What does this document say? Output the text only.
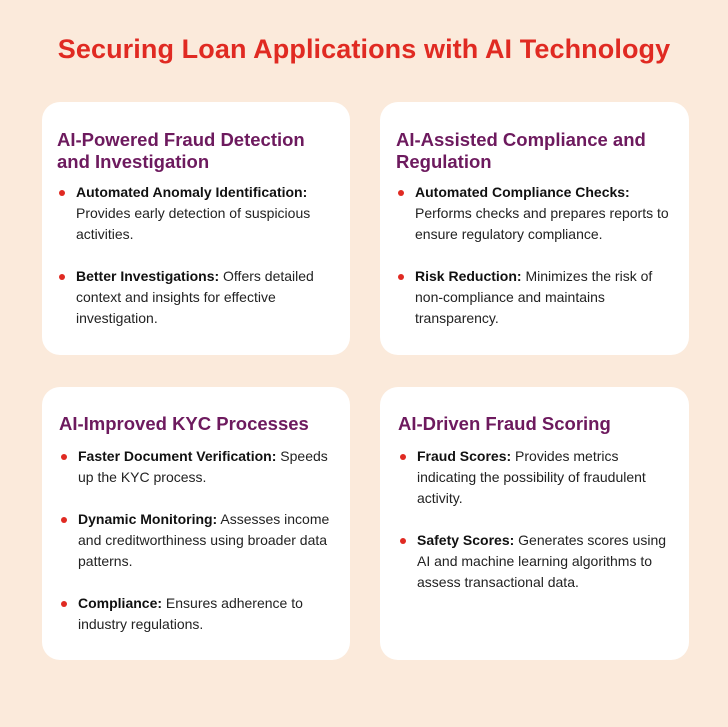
Securing Loan Applications with AI Technology
AI-Powered Fraud Detection and Investigation
Automated Anomaly Identification: Provides early detection of suspicious activities.
Better Investigations: Offers detailed context and insights for effective investigation.
AI-Assisted Compliance and Regulation
Automated Compliance Checks: Performs checks and prepares reports to ensure regulatory compliance.
Risk Reduction: Minimizes the risk of non-compliance and maintains transparency.
AI-Improved KYC Processes
Faster Document Verification: Speeds up the KYC process.
Dynamic Monitoring: Assesses income and creditworthiness using broader data patterns.
Compliance: Ensures adherence to industry regulations.
AI-Driven Fraud Scoring
Fraud Scores: Provides metrics indicating the possibility of fraudulent activity.
Safety Scores: Generates scores using AI and machine learning algorithms to assess transactional data.
